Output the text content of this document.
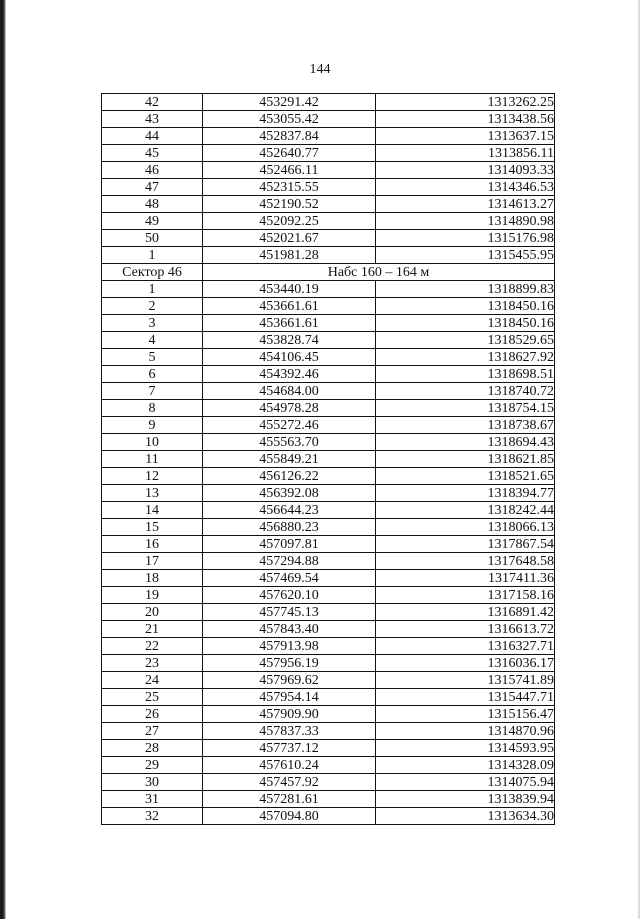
144
42	453291.42	1313262.25
43	453055.42	1313438.56
44	452837.84	1313637.15
45	452640.77	1313856.11
46	452466.11	1314093.33
47	452315.55	1314346.53
48	452190.52	1314613.27
49	452092.25	1314890.98
50	452021.67	1315176.98
1	451981.28	1315455.95
Сектор 46	Набс 160 – 164 м	
1	453440.19	1318899.83
2	453661.61	1318450.16
3	453661.61	1318450.16
4	453828.74	1318529.65
5	454106.45	1318627.92
6	454392.46	1318698.51
7	454684.00	1318740.72
8	454978.28	1318754.15
9	455272.46	1318738.67
10	455563.70	1318694.43
11	455849.21	1318621.85
12	456126.22	1318521.65
13	456392.08	1318394.77
14	456644.23	1318242.44
15	456880.23	1318066.13
16	457097.81	1317867.54
17	457294.88	1317648.58
18	457469.54	1317411.36
19	457620.10	1317158.16
20	457745.13	1316891.42
21	457843.40	1316613.72
22	457913.98	1316327.71
23	457956.19	1316036.17
24	457969.62	1315741.89
25	457954.14	1315447.71
26	457909.90	1315156.47
27	457837.33	1314870.96
28	457737.12	1314593.95
29	457610.24	1314328.09
30	457457.92	1314075.94
31	457281.61	1313839.94
32	457094.80	1313634.30
